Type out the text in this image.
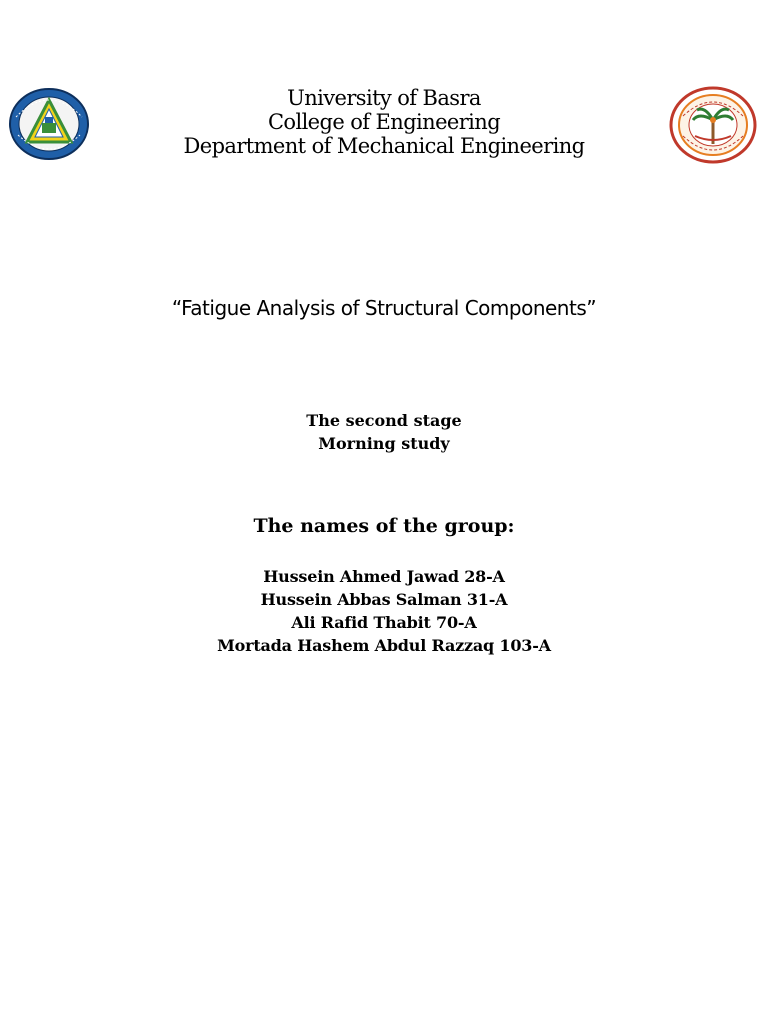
University of Basra
College of Engineering
Department of Mechanical Engineering
“Fatigue Analysis of Structural Components”
The second stage
Morning study
The names of the group:
Hussein Ahmed Jawad 28-A
Hussein Abbas Salman 31-A
Ali Rafid Thabit 70-A
Mortada Hashem Abdul Razzaq 103-A
